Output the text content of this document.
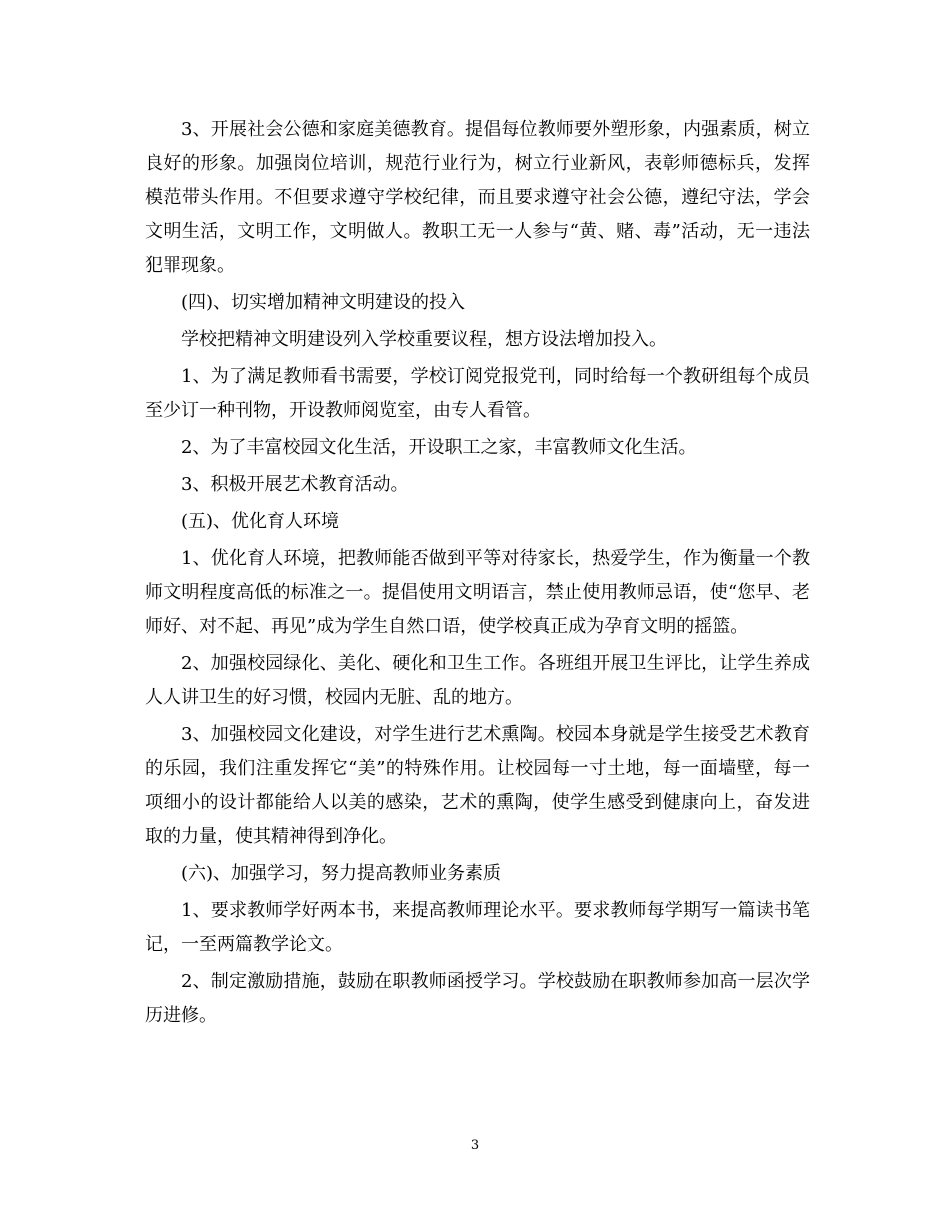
3、开展社会公德和家庭美德教育。提倡每位教师要外塑形象，内强素质，树立良好的形象。加强岗位培训，规范行业行为，树立行业新风，表彰师德标兵，发挥模范带头作用。不但要求遵守学校纪律，而且要求遵守社会公德，遵纪守法，学会文明生活，文明工作，文明做人。教职工无一人参与“黄、赌、毒”活动，无一违法犯罪现象。

(四)、切实增加精神文明建设的投入

学校把精神文明建设列入学校重要议程，想方设法增加投入。

1、为了满足教师看书需要，学校订阅党报党刊，同时给每一个教研组每个成员至少订一种刊物，开设教师阅览室，由专人看管。

2、为了丰富校园文化生活，开设职工之家，丰富教师文化生活。

3、积极开展艺术教育活动。

(五)、优化育人环境

1、优化育人环境，把教师能否做到平等对待家长，热爱学生，作为衡量一个教师文明程度高低的标准之一。提倡使用文明语言，禁止使用教师忌语，使“您早、老师好、对不起、再见”成为学生自然口语，使学校真正成为孕育文明的摇篮。

2、加强校园绿化、美化、硬化和卫生工作。各班组开展卫生评比，让学生养成人人讲卫生的好习惯，校园内无脏、乱的地方。

3、加强校园文化建设，对学生进行艺术熏陶。校园本身就是学生接受艺术教育的乐园，我们注重发挥它“美”的特殊作用。让校园每一寸土地，每一面墙壁，每一项细小的设计都能给人以美的感染，艺术的熏陶，使学生感受到健康向上，奋发进取的力量，使其精神得到净化。

(六)、加强学习，努力提高教师业务素质

1、要求教师学好两本书，来提高教师理论水平。要求教师每学期写一篇读书笔记，一至两篇教学论文。

2、制定激励措施，鼓励在职教师函授学习。学校鼓励在职教师参加高一层次学历进修。

3
